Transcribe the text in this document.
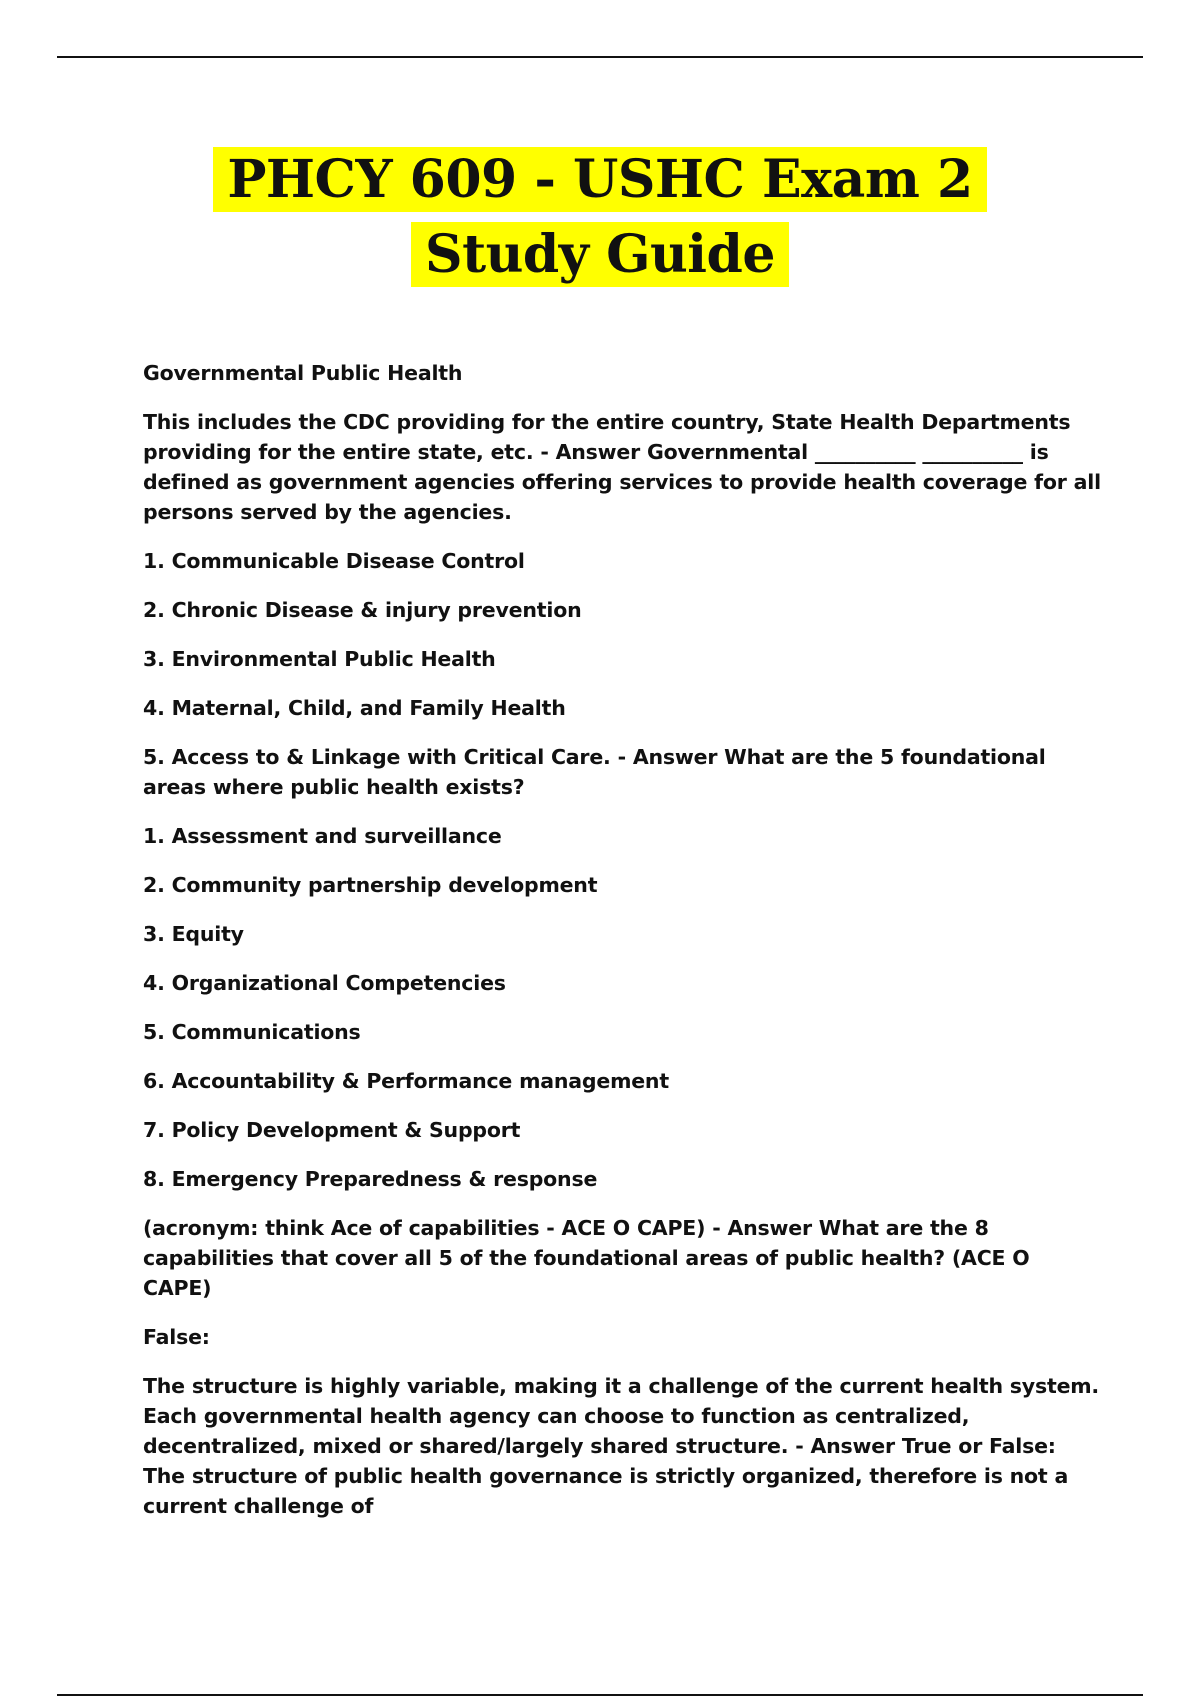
PHCY 609 - USHC Exam 2 Study Guide

Governmental Public Health

This includes the CDC providing for the entire country, State Health Departments providing for the entire state, etc. - Answer Governmental __________ __________ is defined as government agencies offering services to provide health coverage for all persons served by the agencies.

1. Communicable Disease Control

2. Chronic Disease & injury prevention

3. Environmental Public Health

4. Maternal, Child, and Family Health

5. Access to & Linkage with Critical Care. - Answer What are the 5 foundational areas where public health exists?

1. Assessment and surveillance

2. Community partnership development

3. Equity

4. Organizational Competencies

5. Communications

6. Accountability & Performance management

7. Policy Development & Support

8. Emergency Preparedness & response

(acronym: think Ace of capabilities - ACE O CAPE) - Answer What are the 8 capabilities that cover all 5 of the foundational areas of public health? (ACE O CAPE)

False:

The structure is highly variable, making it a challenge of the current health system. Each governmental health agency can choose to function as centralized, decentralized, mixed or shared/largely shared structure. - Answer True or False: The structure of public health governance is strictly organized, therefore is not a current challenge of
